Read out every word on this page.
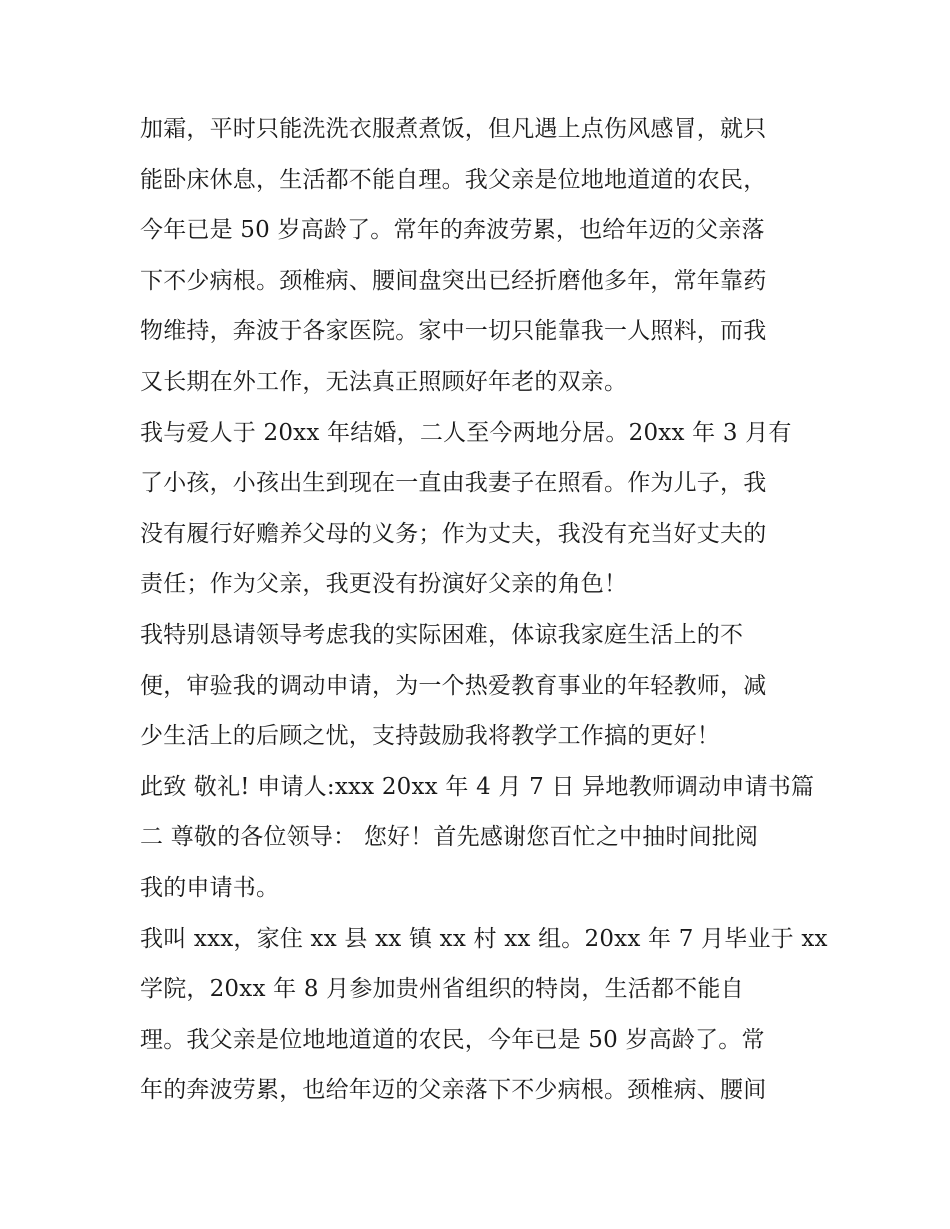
加霜，平时只能洗洗衣服煮煮饭，但凡遇上点伤风感冒，就只
能卧床休息，生活都不能自理。我父亲是位地地道道的农民，
今年已是 50 岁高龄了。常年的奔波劳累，也给年迈的父亲落
下不少病根。颈椎病、腰间盘突出已经折磨他多年，常年靠药
物维持，奔波于各家医院。家中一切只能靠我一人照料，而我
又长期在外工作，无法真正照顾好年老的双亲。
我与爱人于 20xx 年结婚，二人至今两地分居。20xx 年 3 月有
了小孩，小孩出生到现在一直由我妻子在照看。作为儿子，我
没有履行好赡养父母的义务；作为丈夫，我没有充当好丈夫的
责任；作为父亲，我更没有扮演好父亲的角色！
我特别恳请领导考虑我的实际困难，体谅我家庭生活上的不
便，审验我的调动申请，为一个热爱教育事业的年轻教师，减
少生活上的后顾之忧，支持鼓励我将教学工作搞的更好！
此致 敬礼! 申请人:xxx 20xx 年 4 月 7 日 异地教师调动申请书篇
二 尊敬的各位领导： 您好！首先感谢您百忙之中抽时间批阅
我的申请书。
我叫 xxx，家住 xx 县 xx 镇 xx 村 xx 组。20xx 年 7 月毕业于 xx
学院，20xx 年 8 月参加贵州省组织的特岗，生活都不能自
理。我父亲是位地地道道的农民，今年已是 50 岁高龄了。常
年的奔波劳累，也给年迈的父亲落下不少病根。颈椎病、腰间
